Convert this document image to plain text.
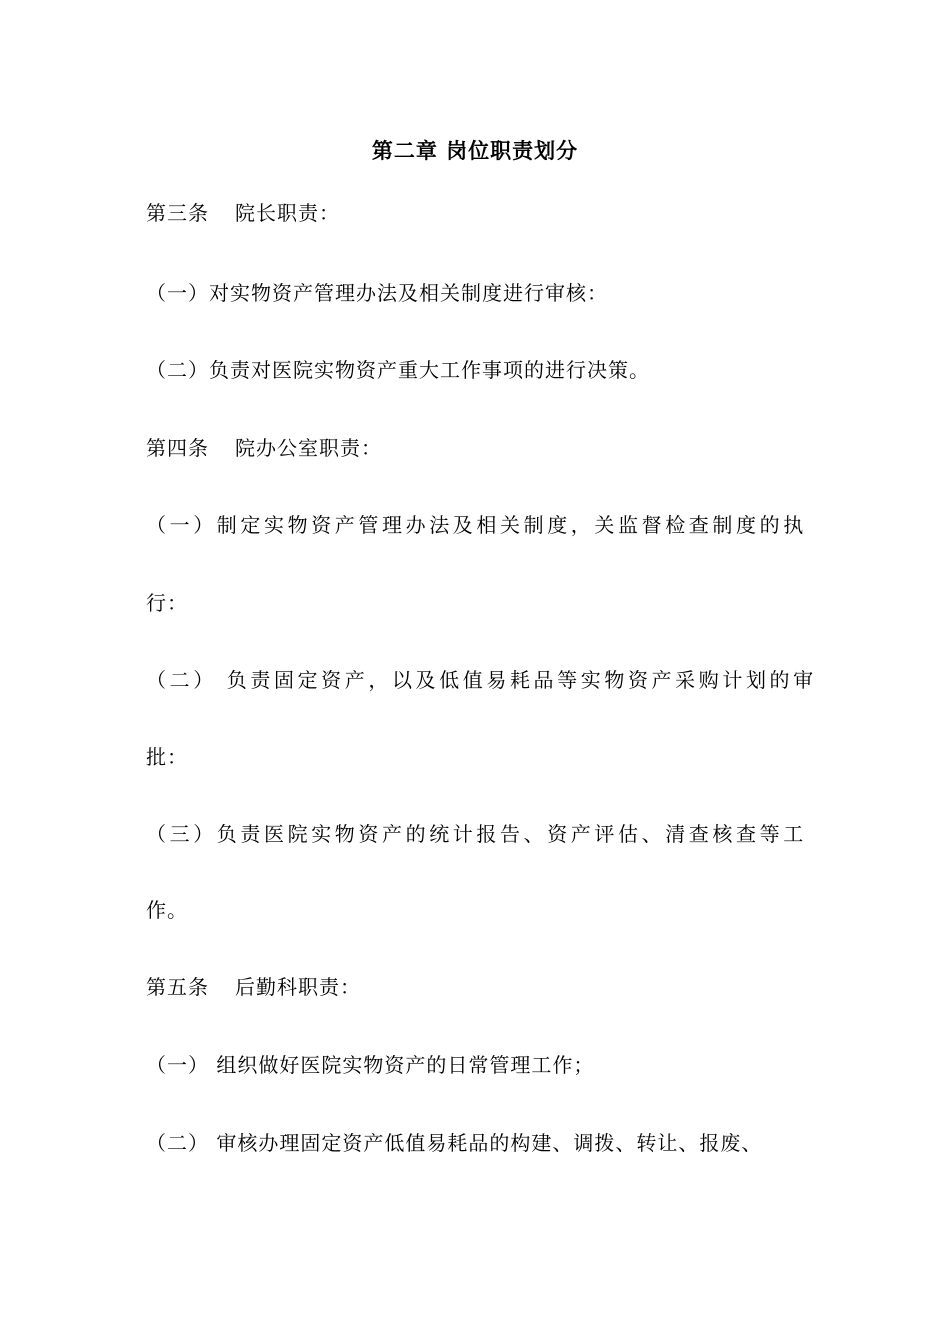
第二章 岗位职责划分
第三条 院长职责：
（一）对实物资产管理办法及相关制度进行审核：
（二）负责对医院实物资产重大工作事项的进行决策。
第四条 院办公室职责：
（一）制定实物资产管理办法及相关制度，关监督检查制度的执
行：
（二） 负责固定资产，以及低值易耗品等实物资产采购计划的审
批：
（三）负责医院实物资产的统计报告、资产评估、清查核查等工
作。
第五条 后勤科职责：
（一） 组织做好医院实物资产的日常管理工作；
（二） 审核办理固定资产低值易耗品的构建、调拨、转让、报废、
